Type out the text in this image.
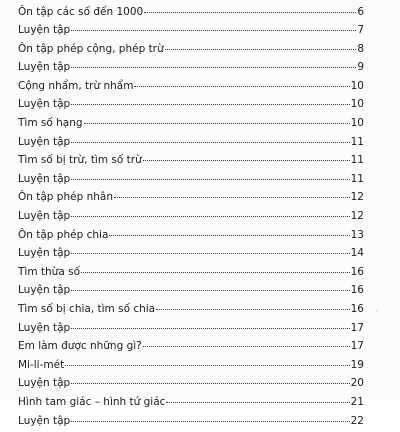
Ôn tập các số đến 1000	6
Luyện tập	7
Ôn tập phép cộng, phép trừ	8
Luyện tập	9
Cộng nhẩm, trừ nhẩm	10
Luyện tập	10
Tìm số hạng	10
Luyện tập	11
Tìm số bị trừ, tìm số trừ	11
Luyện tập	11
Ôn tập phép nhân	12
Luyện tập	12
Ôn tập phép chia	13
Luyện tập	14
Tìm thừa số	16
Luyện tập	16
Tìm số bị chia, tìm số chia	16
Luyện tập	17
Em làm được những gì?	17
Mi-li-mét	19
Luyện tập	20
Hình tam giác – hình tứ giác	21
Luyện tập	22
ˆ
